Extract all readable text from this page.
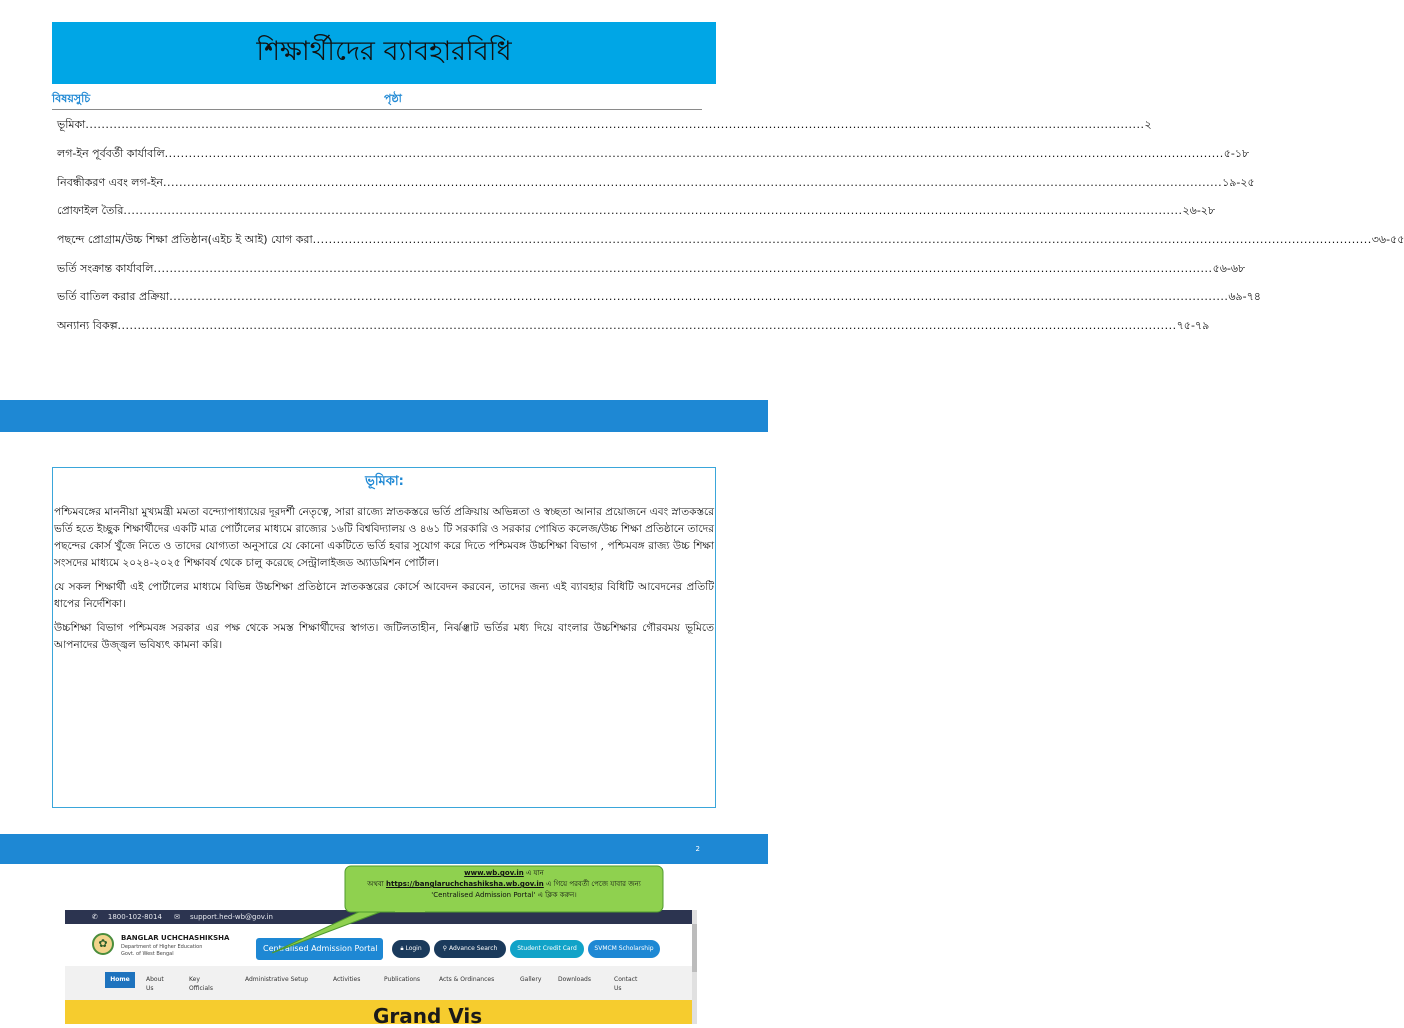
শিক্ষার্থীদের ব্যাবহারবিধি
বিষয়সুচি	পৃষ্ঠা
ভূমিকা ......................................................................................................................................................................................................................................................................... ২
লগ-ইন পূর্ববর্তী কার্যাবলি ......................................................................................................................................................................................................................................................................... ৫-১৮
নিবন্ধীকরণ এবং লগ-ইন ......................................................................................................................................................................................................................................................................... ১৯-২৫
প্রোফাইল তৈরি ......................................................................................................................................................................................................................................................................... ২৬-২৮
পছন্দে প্রোগ্রাম/উচ্চ শিক্ষা প্রতিষ্ঠান(এইচ ই আই) যোগ করা ......................................................................................................................................................................................................................................................................... ৩৬-৫৫
ভর্তি সংক্রান্ত কার্যাবলি ......................................................................................................................................................................................................................................................................... ৫৬-৬৮
ভর্তি বাতিল করার প্রক্রিয়া ......................................................................................................................................................................................................................................................................... ৬৯-৭৪
অন্যান্য বিকল্প ......................................................................................................................................................................................................................................................................... ৭৫-৭৯
ভূমিকা:

পশ্চিমবঙ্গের মাননীয়া মুখ্যমন্ত্রী মমতা বন্দ্যোপাধ্যায়ের দূরদর্শী নেতৃত্বে, সারা রাজ্যে স্নাতকস্তরে ভর্তি প্রক্রিয়ায় অভিন্নতা ও স্বচ্ছতা আনার প্রয়োজনে এবং স্নাতকস্তরে ভর্তি হতে ইচ্ছুক শিক্ষার্থীদের একটি মাত্র পোর্টালের মাধ্যমে রাজ্যের ১৬টি বিশ্ববিদ্যালয় ও ৪৬১ টি সরকারি ও সরকার পোষিত কলেজ/উচ্চ শিক্ষা প্রতিষ্ঠানে তাদের পছন্দের কোর্স খুঁজে নিতে ও তাদের যোগ্যতা অনুসারে যে কোনো একটিতে ভর্তি হবার সুযোগ করে দিতে পশ্চিমবঙ্গ উচ্চশিক্ষা বিভাগ , পশ্চিমবঙ্গ রাজ্য উচ্চ শিক্ষা সংসদের মাধ্যমে ২০২৪-২০২৫ শিক্ষাবর্ষ থেকে চালু করেছে সেন্ট্রালাইজড অ্যাডমিশন পোর্টাল।

যে সকল শিক্ষার্থী এই পোর্টালের মাধ্যমে বিভিন্ন উচ্চশিক্ষা প্রতিষ্ঠানে স্নাতকস্তরের কোর্সে আবেদন করবেন, তাদের জন্য এই ব্যাবহার বিধিটি আবেদনের প্রতিটি ধাপের নির্দেশিকা।

উচ্চশিক্ষা বিভাগ পশ্চিমবঙ্গ সরকার এর পক্ষ থেকে সমস্ত শিক্ষার্থীদের স্বাগত। জটিলতাহীন, নির্ঝঞ্ঝাট ভর্তির মধ্য দিয়ে বাংলার উচ্চশিক্ষার গৌরবময় ভূমিতে আপনাদের উজ্জ্বল ভবিষ্যৎ কামনা করি।

2
✆ 1800-102-8014 ✉ support.hed-wb@gov.in
✿	BANGLAR UCHCHASHIKSHA
Department of Higher Education
Govt. of West Bengal
Centralised Admission Portal	🔒︎ Login	⚲ Advance Search	Student Credit Card	SVMCM Scholarship
Home	About Us
Key Officials
Administrative Setup	Activities	Publications	Acts & Ordinances	Gallery	Downloads	Contact Us
Grand Vis
www.wb.gov.in এ যান
অথবা https://banglaruchchashiksha.wb.gov.in এ গিয়ে পরবর্তী পেজে যাবার জন্য
'Centralised Admission Portal' এ ক্লিক করুন।
